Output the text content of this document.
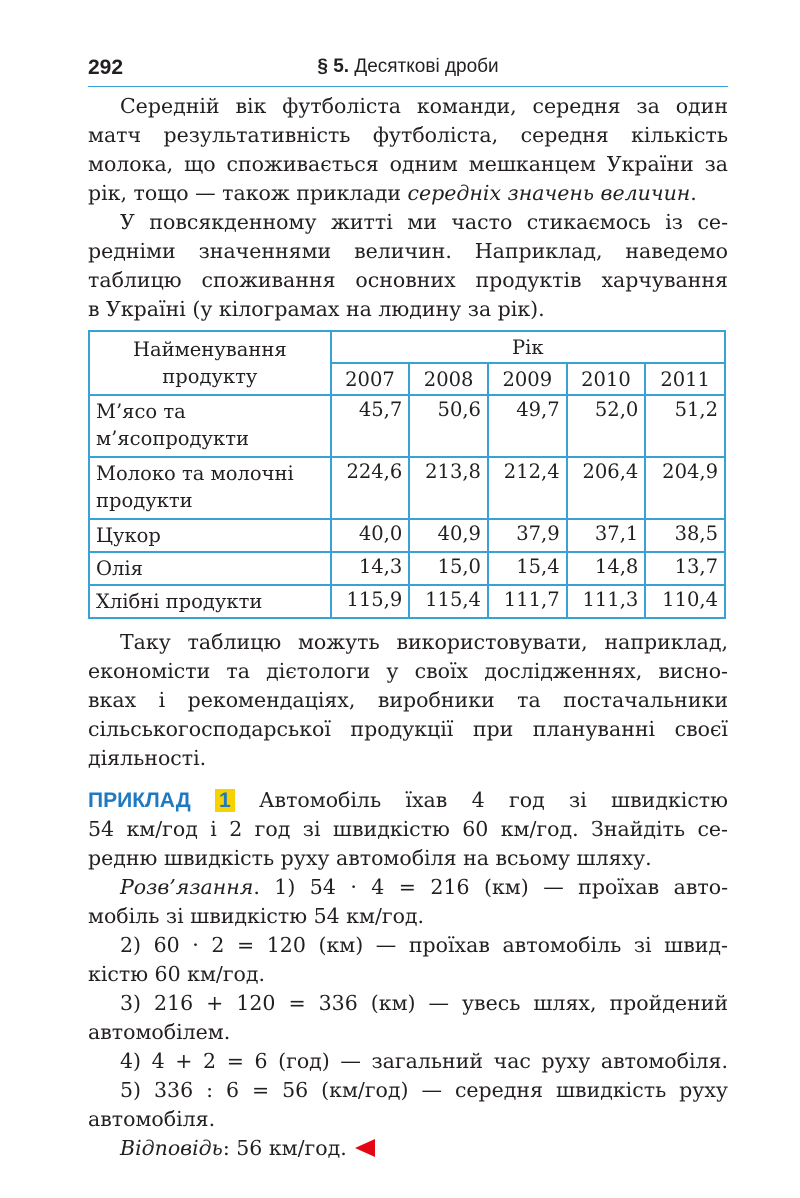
292	§ 5. Десяткові дроби
Середній вік футболіста команди, середня за один
матч результативність футболіста, середня кількість
молока, що споживається одним мешканцем України за
рік, тощо — також приклади середніх значень величин.
У повсякденному житті ми часто стикаємось із се-
редніми значеннями величин. Наприклад, наведемо
таблицю споживання основних продуктів харчування
в Україні (у кілограмах на людину за рік).
Найменування продукту	Рік				
	2007	2008	2009	2010	2011
М’ясо та м’ясопродукти	45,7	50,6	49,7	52,0	51,2
Молоко та молочні продукти	224,6	213,8	212,4	206,4	204,9
Цукор	40,0	40,9	37,9	37,1	38,5
Олія	14,3	15,0	15,4	14,8	13,7
Хлібні продукти	115,9	115,4	111,7	111,3	110,4
Таку таблицю можуть використовувати, наприклад,
економісти та дієтологи у своїх дослідженнях, висно-
вках і рекомендаціях, виробники та постачальники
сільськогосподарської продукції при плануванні своєї
діяльності.
ПРИКЛАД 1 Автомобіль їхав 4 год зі швидкістю
54 км/год і 2 год зі швидкістю 60 км/год. Знайдіть се-
редню швидкість руху автомобіля на всьому шляху.
Розв’язання. 1) 54 · 4 = 216 (км) — проїхав авто-
мобіль зі швидкістю 54 км/год.
2) 60 · 2 = 120 (км) — проїхав автомобіль зі швид-
кістю 60 км/год.
3) 216 + 120 = 336 (км) — увесь шлях, пройдений
автомобілем.
4) 4 + 2 = 6 (год) — загальний час руху автомобіля.
5) 336 : 6 = 56 (км/год) — середня швидкість руху
автомобіля.
Відповідь: 56 км/год.
